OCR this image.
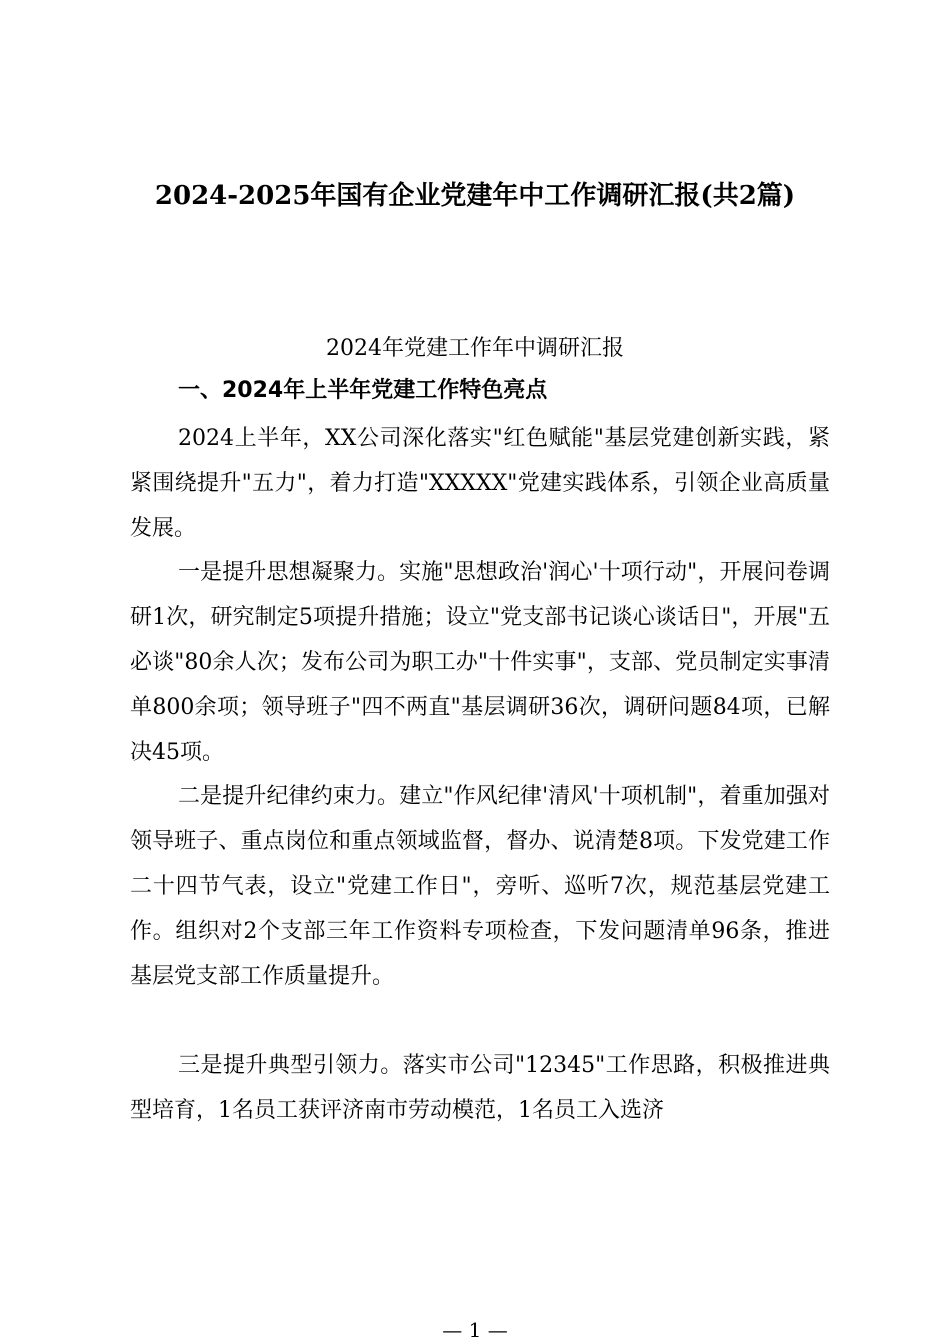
2024-2025年国有企业党建年中工作调研汇报(共2篇)
2024年党建工作年中调研汇报
一、2024年上半年党建工作特色亮点

2024上半年，XX公司深化落实"红色赋能"基层党建创新实践，紧紧围绕提升"五力"，着力打造"XXXXX"党建实践体系，引领企业高质量发展。

一是提升思想凝聚力。实施"思想政治'润心'十项行动"，开展问卷调研1次，研究制定5项提升措施；设立"党支部书记谈心谈话日"，开展"五必谈"80余人次；发布公司为职工办"十件实事"，支部、党员制定实事清单800余项；领导班子"四不两直"基层调研36次，调研问题84项，已解决45项。

二是提升纪律约束力。建立"作风纪律'清风'十项机制"，着重加强对领导班子、重点岗位和重点领域监督，督办、说清楚8项。下发党建工作二十四节气表，设立"党建工作日"，旁听、巡听7次，规范基层党建工作。组织对2个支部三年工作资料专项检查，下发问题清单96条，推进基层党支部工作质量提升。

三是提升典型引领力。落实市公司"12345"工作思路，积极推进典型培育，1名员工获评济南市劳动模范，1名员工入选济

— 1 —
